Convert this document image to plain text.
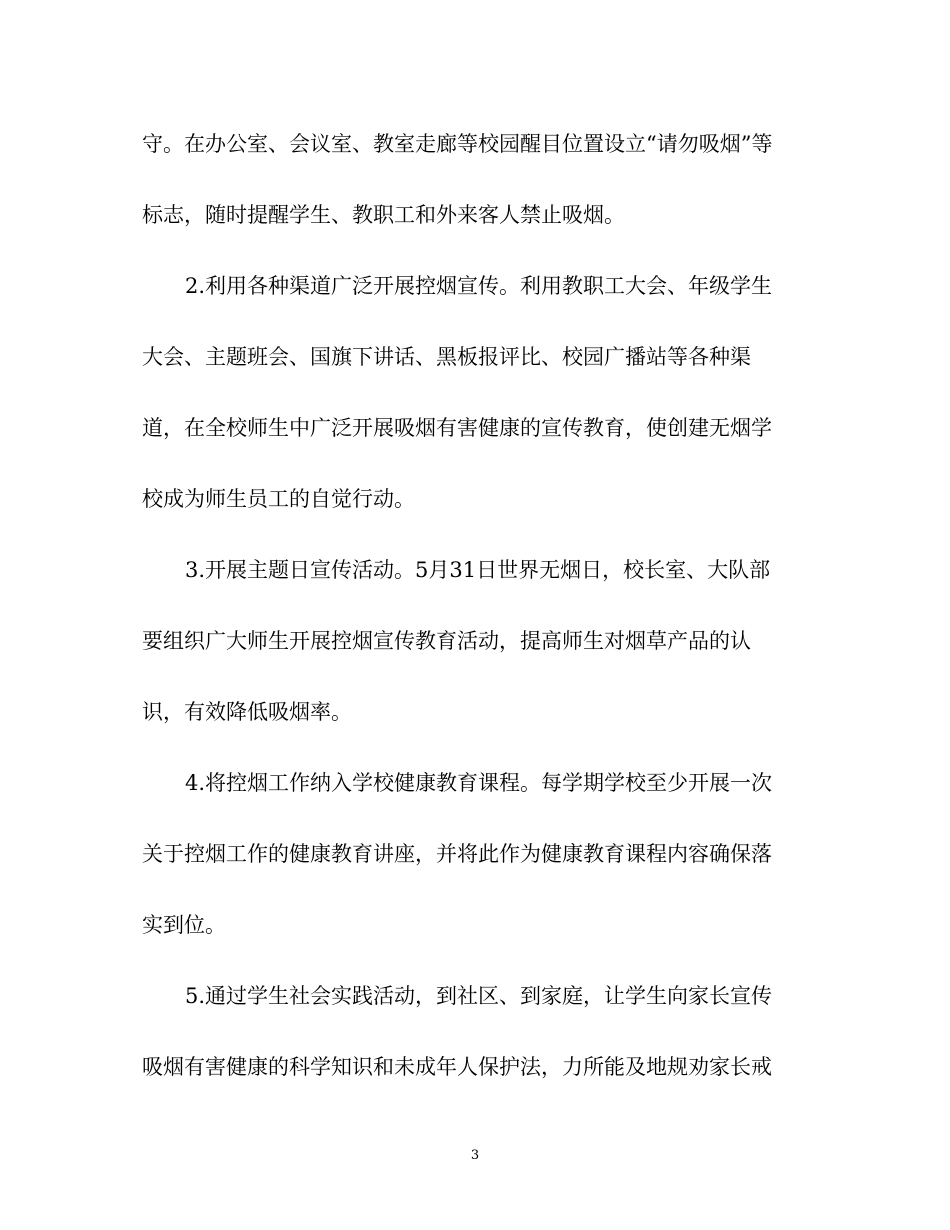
守。在办公室、会议室、教室走廊等校园醒目位置设立“请勿吸烟”等
标志，随时提醒学生、教职工和外来客人禁止吸烟。
2.利用各种渠道广泛开展控烟宣传。利用教职工大会、年级学生
大会、主题班会、国旗下讲话、黑板报评比、校园广播站等各种渠
道，在全校师生中广泛开展吸烟有害健康的宣传教育，使创建无烟学
校成为师生员工的自觉行动。
3.开展主题日宣传活动。5月31日世界无烟日，校长室、大队部
要组织广大师生开展控烟宣传教育活动，提高师生对烟草产品的认
识，有效降低吸烟率。
4.将控烟工作纳入学校健康教育课程。每学期学校至少开展一次
关于控烟工作的健康教育讲座，并将此作为健康教育课程内容确保落
实到位。
5.通过学生社会实践活动，到社区、到家庭，让学生向家长宣传
吸烟有害健康的科学知识和未成年人保护法，力所能及地规劝家长戒
3
